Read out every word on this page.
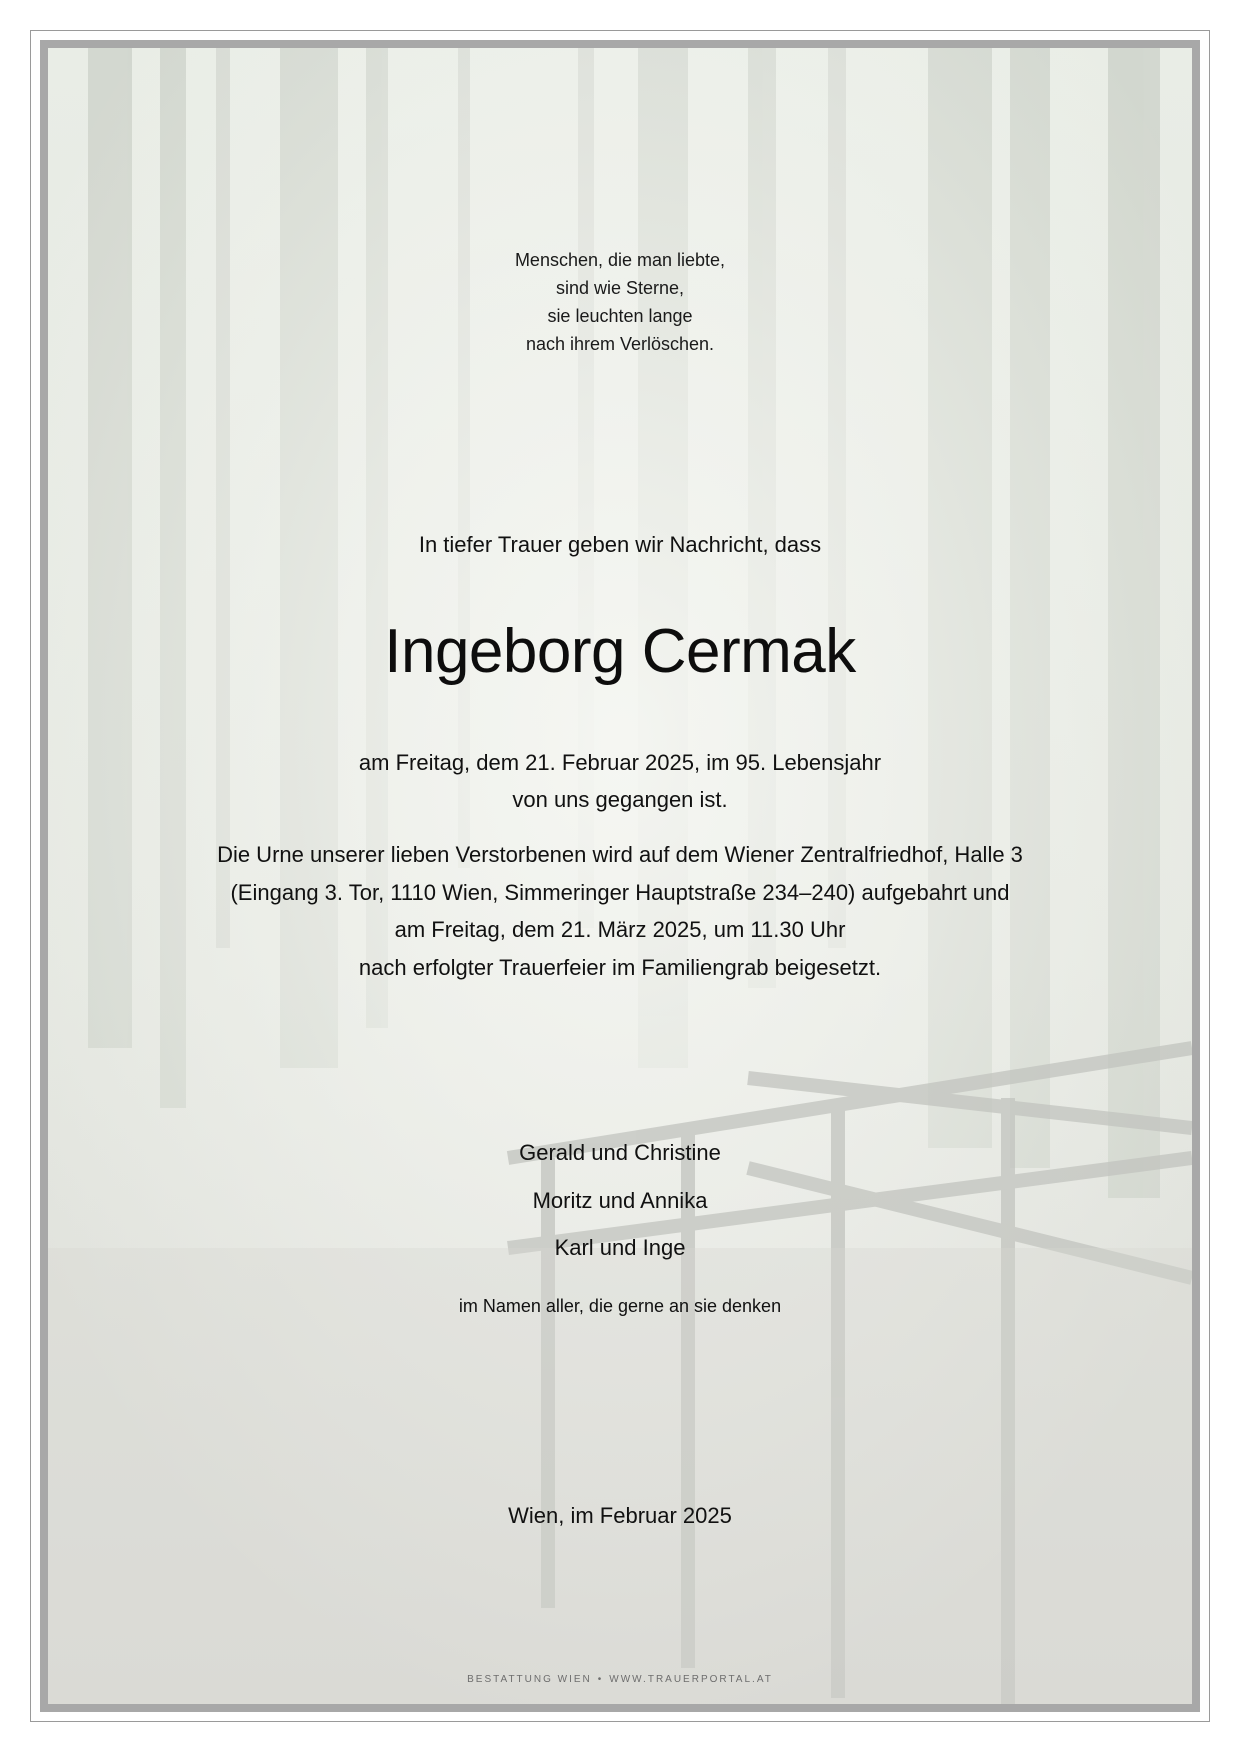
Menschen, die man liebte,
sind wie Sterne,
sie leuchten lange
nach ihrem Verlöschen.
In tiefer Trauer geben wir Nachricht, dass
Ingeborg Cermak
am Freitag, dem 21. Februar 2025, im 95. Lebensjahr
von uns gegangen ist.
Die Urne unserer lieben Verstorbenen wird auf dem Wiener Zentralfriedhof, Halle 3
(Eingang 3. Tor, 1110 Wien, Simmeringer Hauptstraße 234–240) aufgebahrt und
am Freitag, dem 21. März 2025, um 11.30 Uhr
nach erfolgter Trauerfeier im Familiengrab beigesetzt.
Gerald und Christine
Moritz und Annika
Karl und Inge
im Namen aller, die gerne an sie denken
Wien, im Februar 2025
BESTATTUNG WIEN • WWW.TRAUERPORTAL.AT
